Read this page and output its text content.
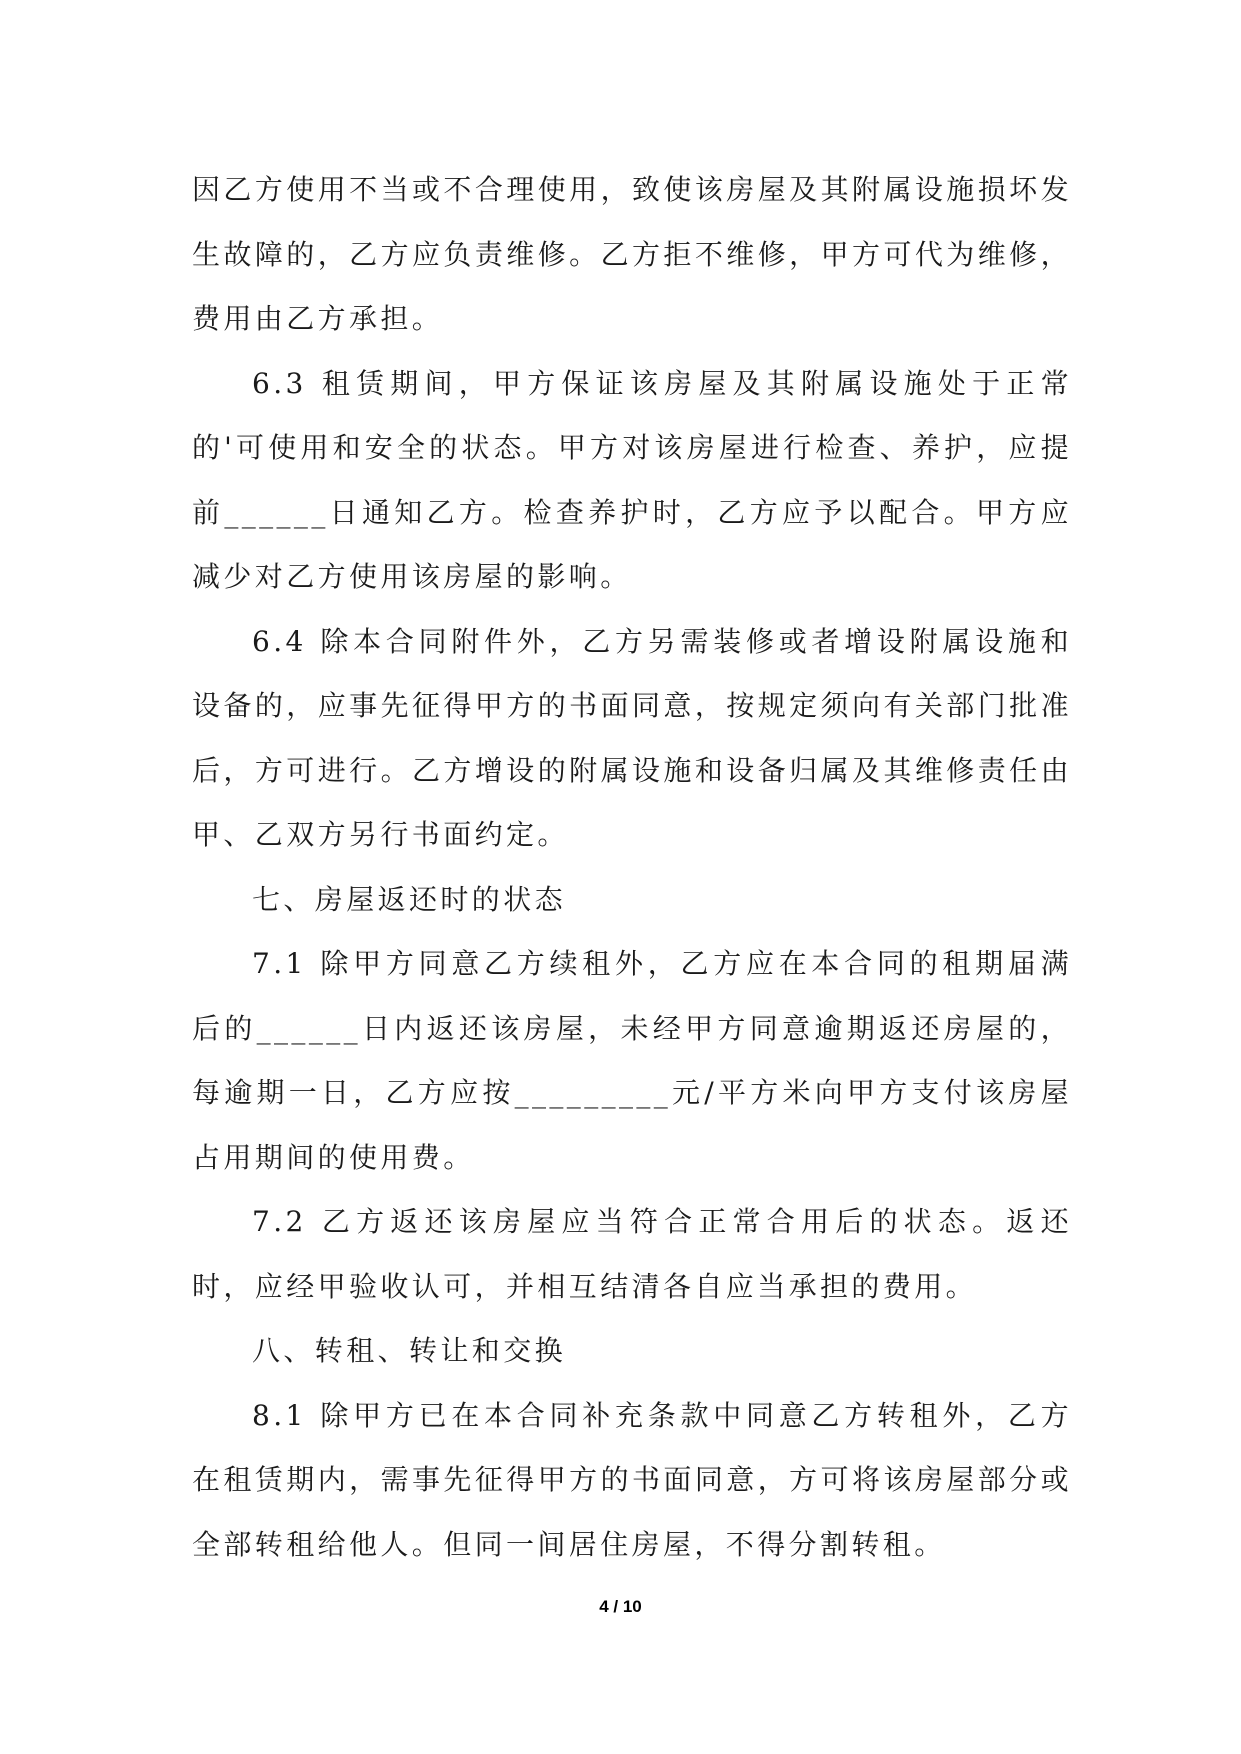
因乙方使用不当或不合理使用，致使该房屋及其附属设施损坏发生故障的，乙方应负责维修。乙方拒不维修，甲方可代为维修，费用由乙方承担。

6.3 租赁期间，甲方保证该房屋及其附属设施处于正常的'可使用和安全的状态。甲方对该房屋进行检查、养护，应提前______日通知乙方。检查养护时，乙方应予以配合。甲方应减少对乙方使用该房屋的影响。

6.4 除本合同附件外，乙方另需装修或者增设附属设施和设备的，应事先征得甲方的书面同意，按规定须向有关部门批准后，方可进行。乙方增设的附属设施和设备归属及其维修责任由甲、乙双方另行书面约定。

七、房屋返还时的状态

7.1 除甲方同意乙方续租外，乙方应在本合同的租期届满后的______日内返还该房屋，未经甲方同意逾期返还房屋的，每逾期一日，乙方应按_________元/平方米向甲方支付该房屋占用期间的使用费。

7.2 乙方返还该房屋应当符合正常合用后的状态。返还时，应经甲验收认可，并相互结清各自应当承担的费用。

八、转租、转让和交换

8.1 除甲方已在本合同补充条款中同意乙方转租外，乙方在租赁期内，需事先征得甲方的书面同意，方可将该房屋部分或全部转租给他人。但同一间居住房屋，不得分割转租。

4 / 10
